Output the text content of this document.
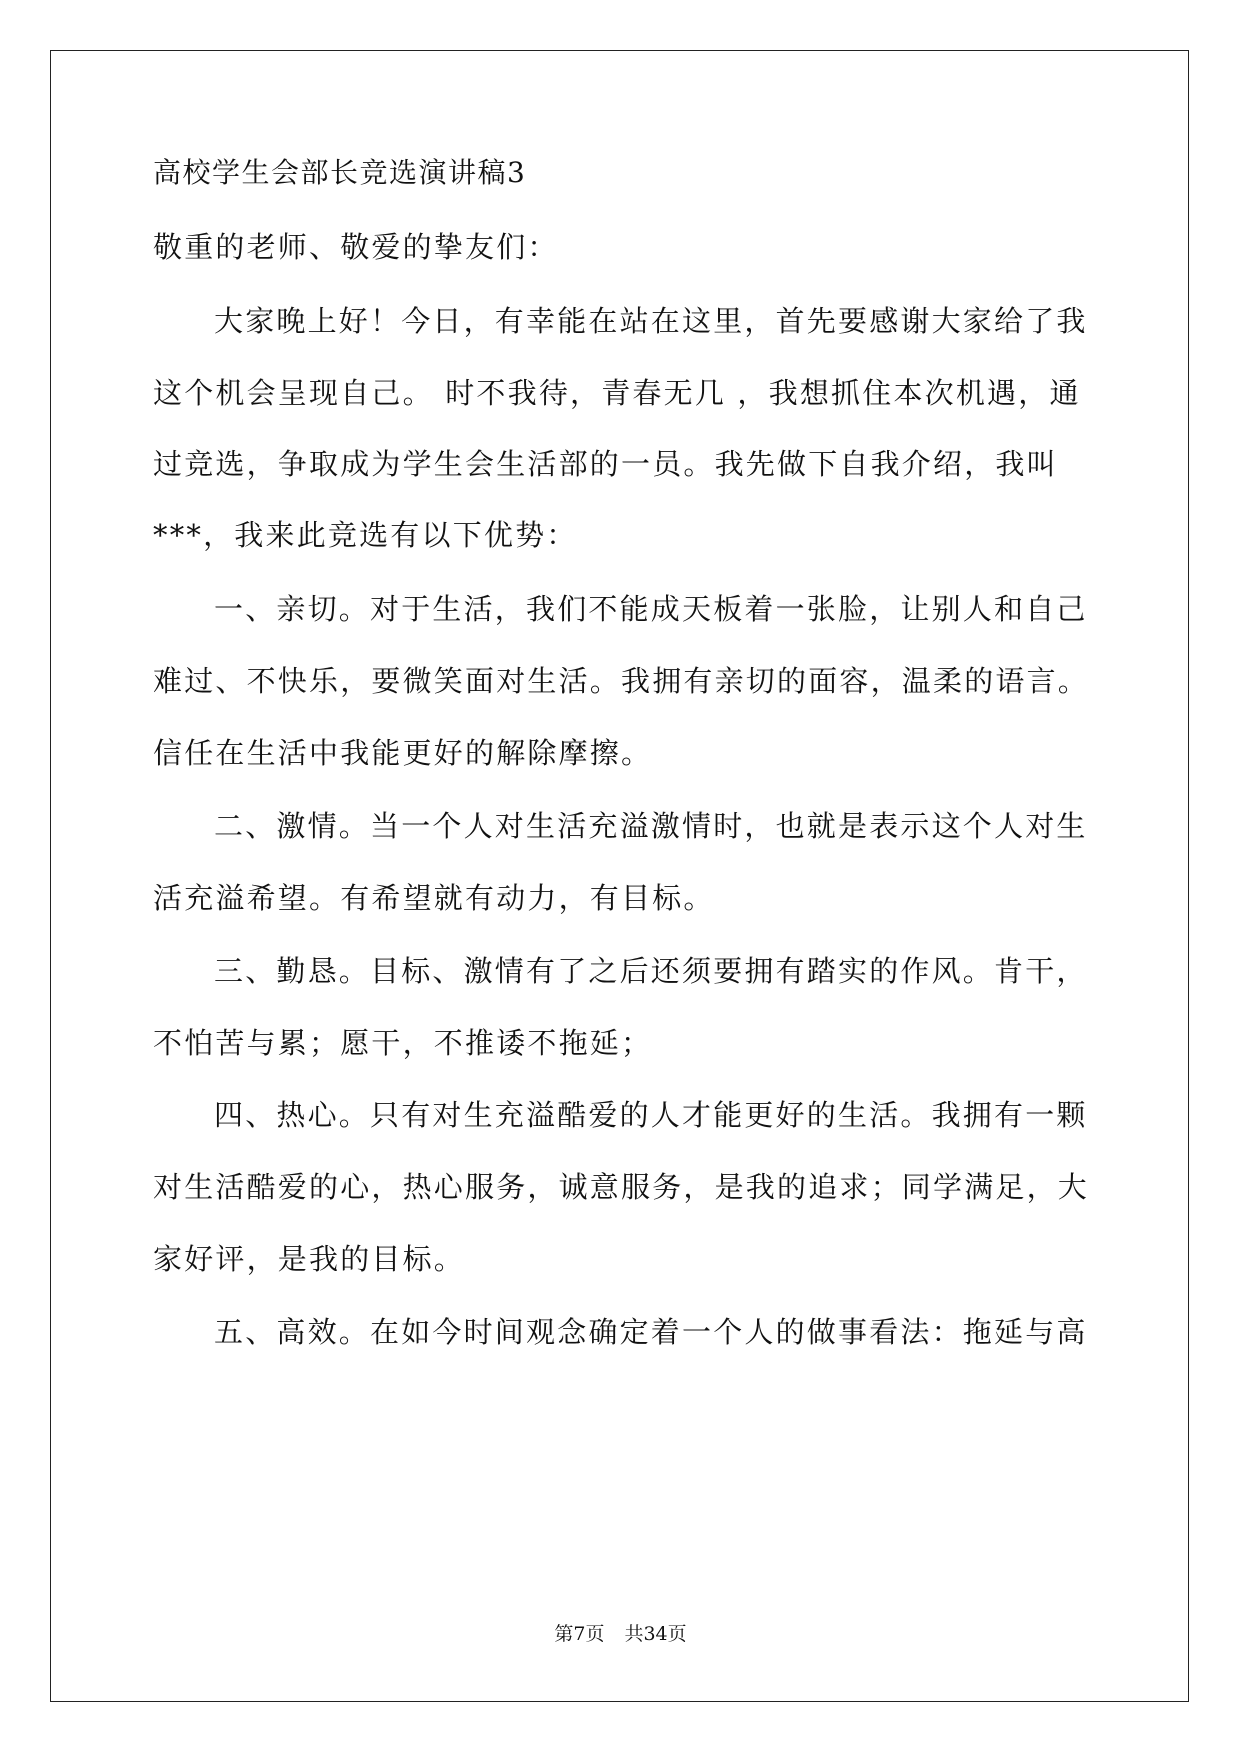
高校学生会部长竞选演讲稿3
敬重的老师、敬爱的挚友们：
大家晚上好！今日，有幸能在站在这里，首先要感谢大家给了我
这个机会呈现自己。 时不我待，青春无几 ，我想抓住本次机遇，通
过竞选，争取成为学生会生活部的一员。我先做下自我介绍，我叫
***，我来此竞选有以下优势：
一、亲切。对于生活，我们不能成天板着一张脸，让别人和自己
难过、不快乐，要微笑面对生活。我拥有亲切的面容，温柔的语言。
信任在生活中我能更好的解除摩擦。
二、激情。当一个人对生活充溢激情时，也就是表示这个人对生
活充溢希望。有希望就有动力，有目标。
三、勤恳。目标、激情有了之后还须要拥有踏实的作风。肯干，
不怕苦与累；愿干，不推诿不拖延；
四、热心。只有对生充溢酷爱的人才能更好的生活。我拥有一颗
对生活酷爱的心，热心服务，诚意服务，是我的追求；同学满足，大
家好评，是我的目标。
五、高效。在如今时间观念确定着一个人的做事看法：拖延与高
第7页 共34页
